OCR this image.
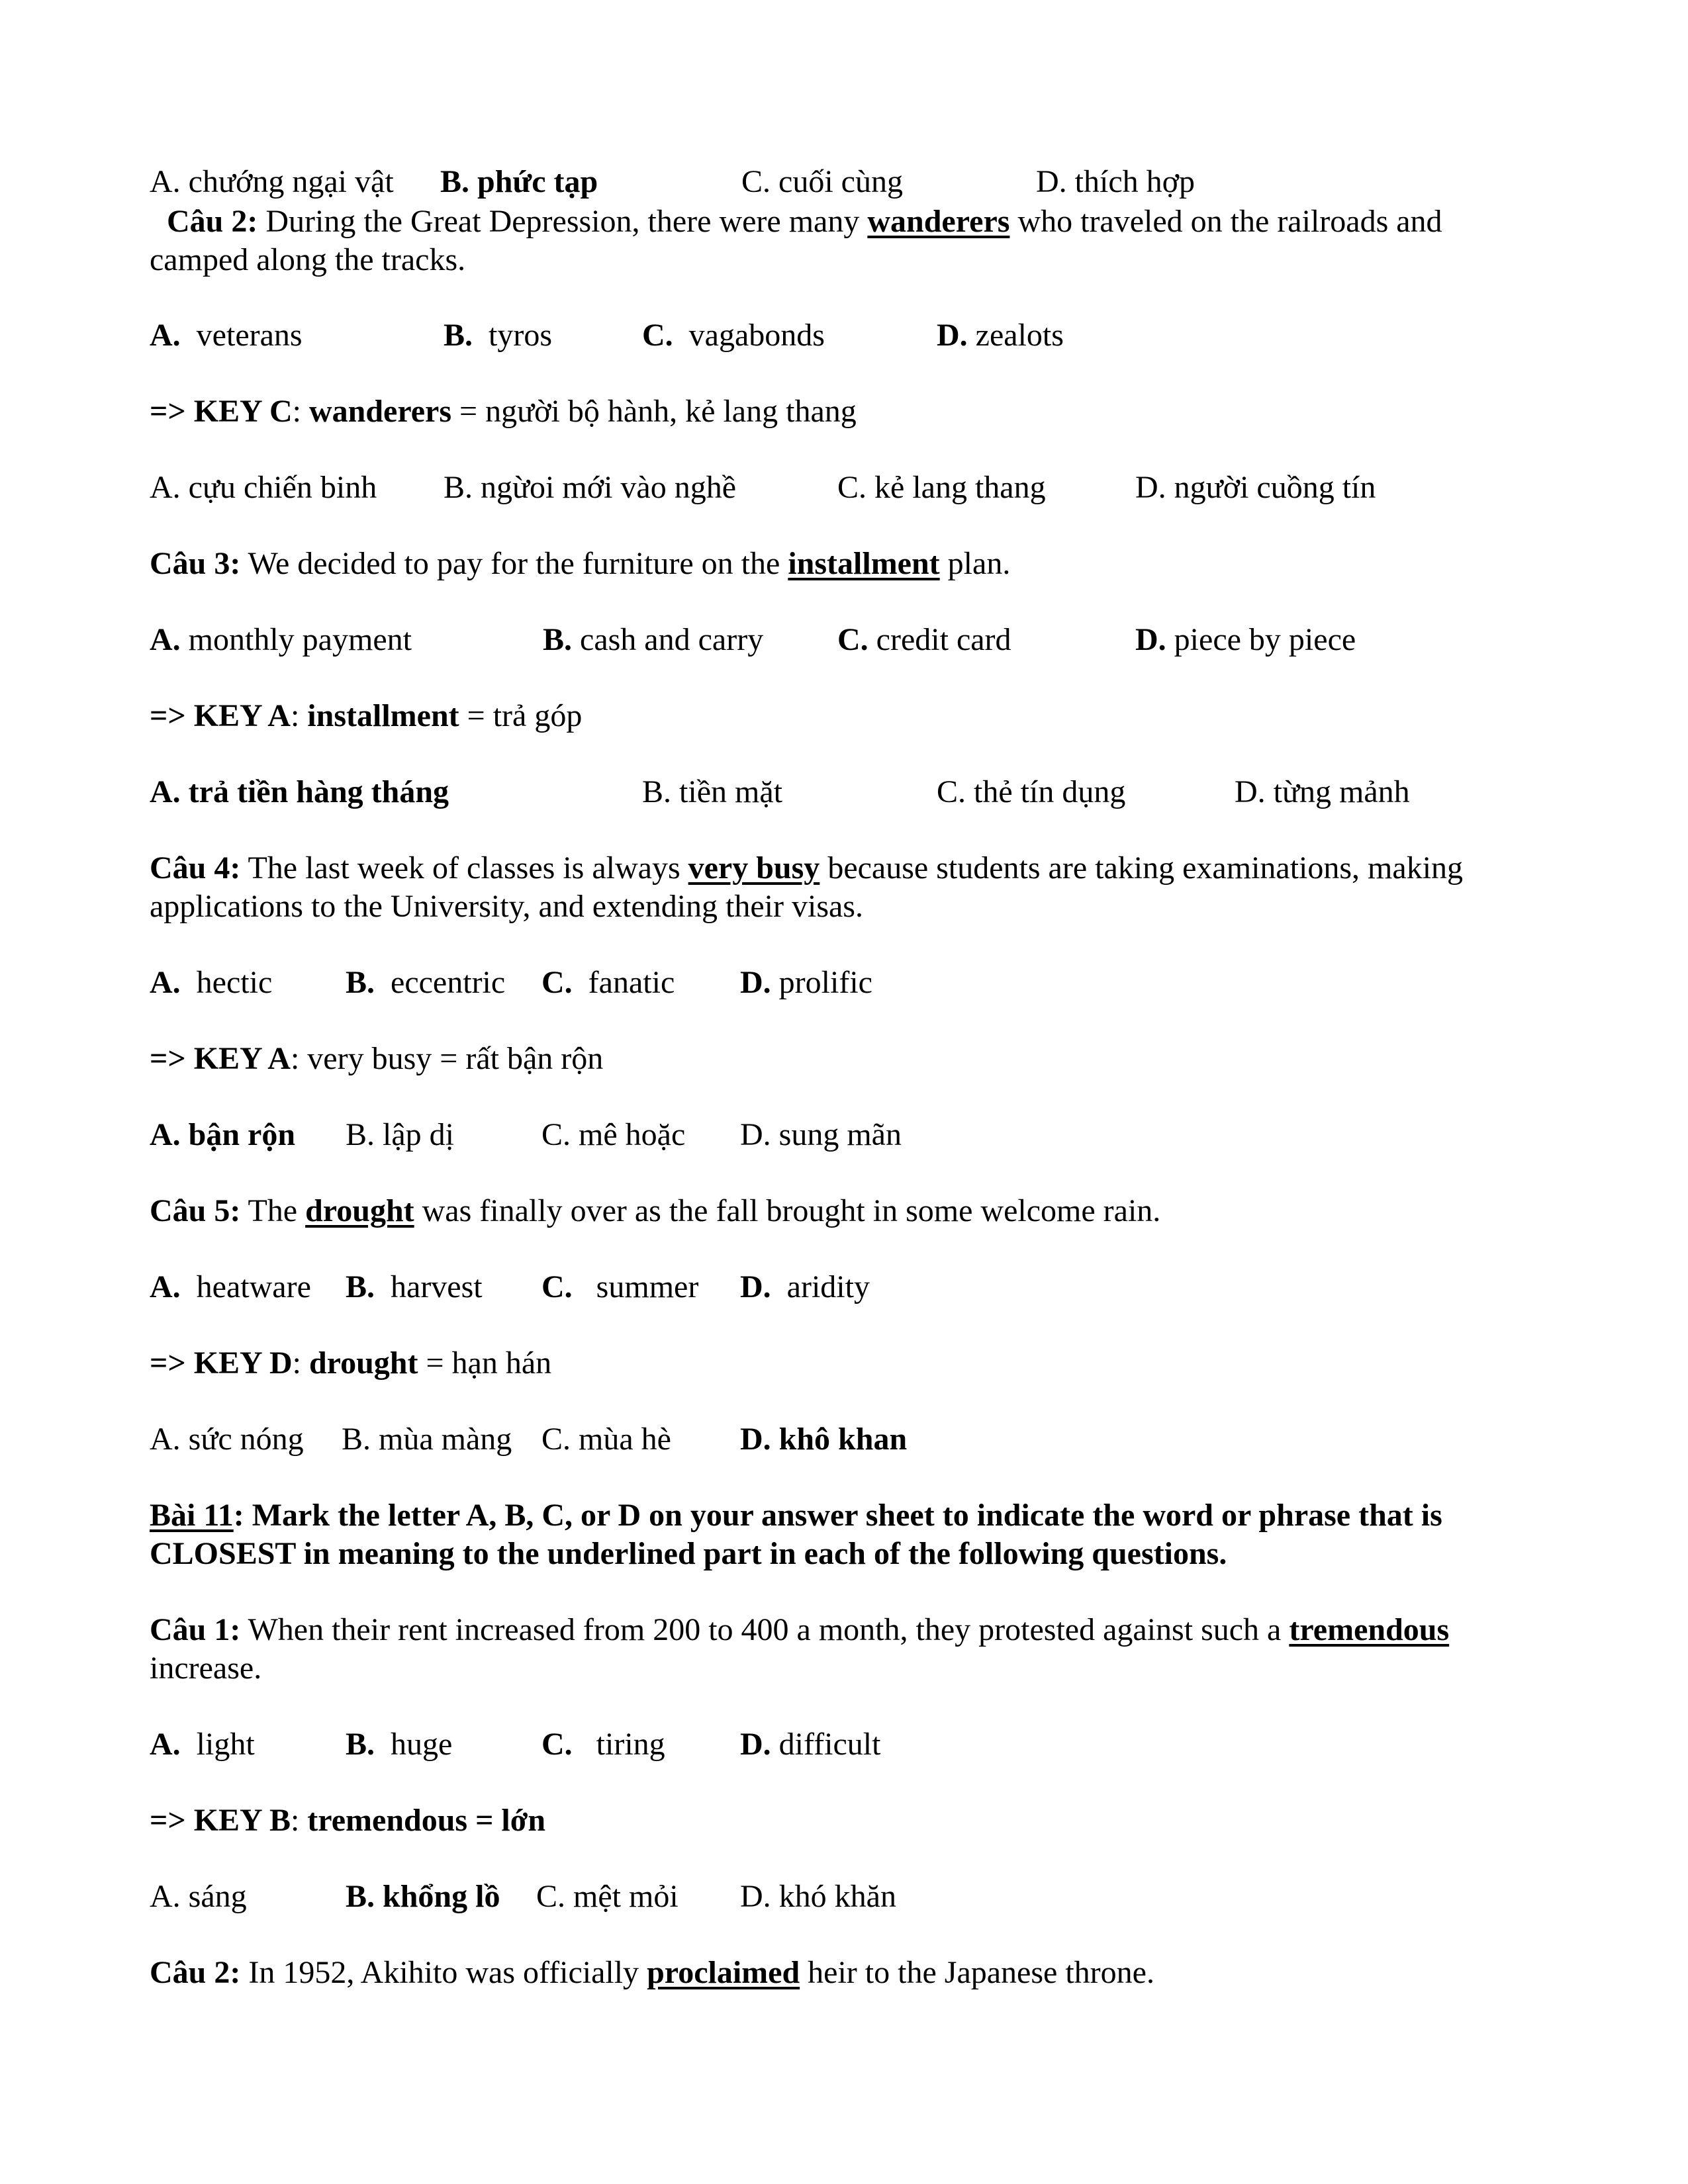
A. chướng ngại vật B. phức tạp	C. cuối cùng	D. thích hợp
Câu 2: During the Great Depression, there were many wanderers who traveled on the railroads and
camped along the tracks.
A. veterans	B. tyros	C. vagabonds	D. zealots
=> KEY C: wanderers = người bộ hành, kẻ lang thang
A. cựu chiến binh B. ngừoi mới vào nghề	C. kẻ lang thang	D. người cuồng tín
Câu 3: We decided to pay for the furniture on the installment plan.
A. monthly payment	B. cash and carry C. credit card	D. piece by piece
=> KEY A: installment = trả góp
A. trả tiền hàng tháng	B. tiền mặt	C. thẻ tín dụng	D. từng mảnh
Câu 4: The last week of classes is always very busy because students are taking examinations, making
applications to the University, and extending their visas.
A. hectic B. eccentric C. fanatic D. prolific
=> KEY A: very busy = rất bận rộn
A. bận rộn B. lập dị	C. mê hoặc D. sung mãn
Câu 5: The drought was finally over as the fall brought in some welcome rain.
A. heatware B. harvest C. summer D. aridity
=> KEY D: drought = hạn hán
A. sức nóng B. mùa màng C. mùa hè D. khô khan
Bài 11: Mark the letter A, B, C, or D on your answer sheet to indicate the word or phrase that is
CLOSEST in meaning to the underlined part in each of the following questions.
Câu 1: When their rent increased from 200 to 400 a month, they protested against such a tremendous
increase.
A. light	B. huge	C. tiring D. difficult
=> KEY B: tremendous = lớn
A. sáng	B. khổng lồ C. mệt mỏi D. khó khăn
Câu 2: In 1952, Akihito was officially proclaimed heir to the Japanese throne.
